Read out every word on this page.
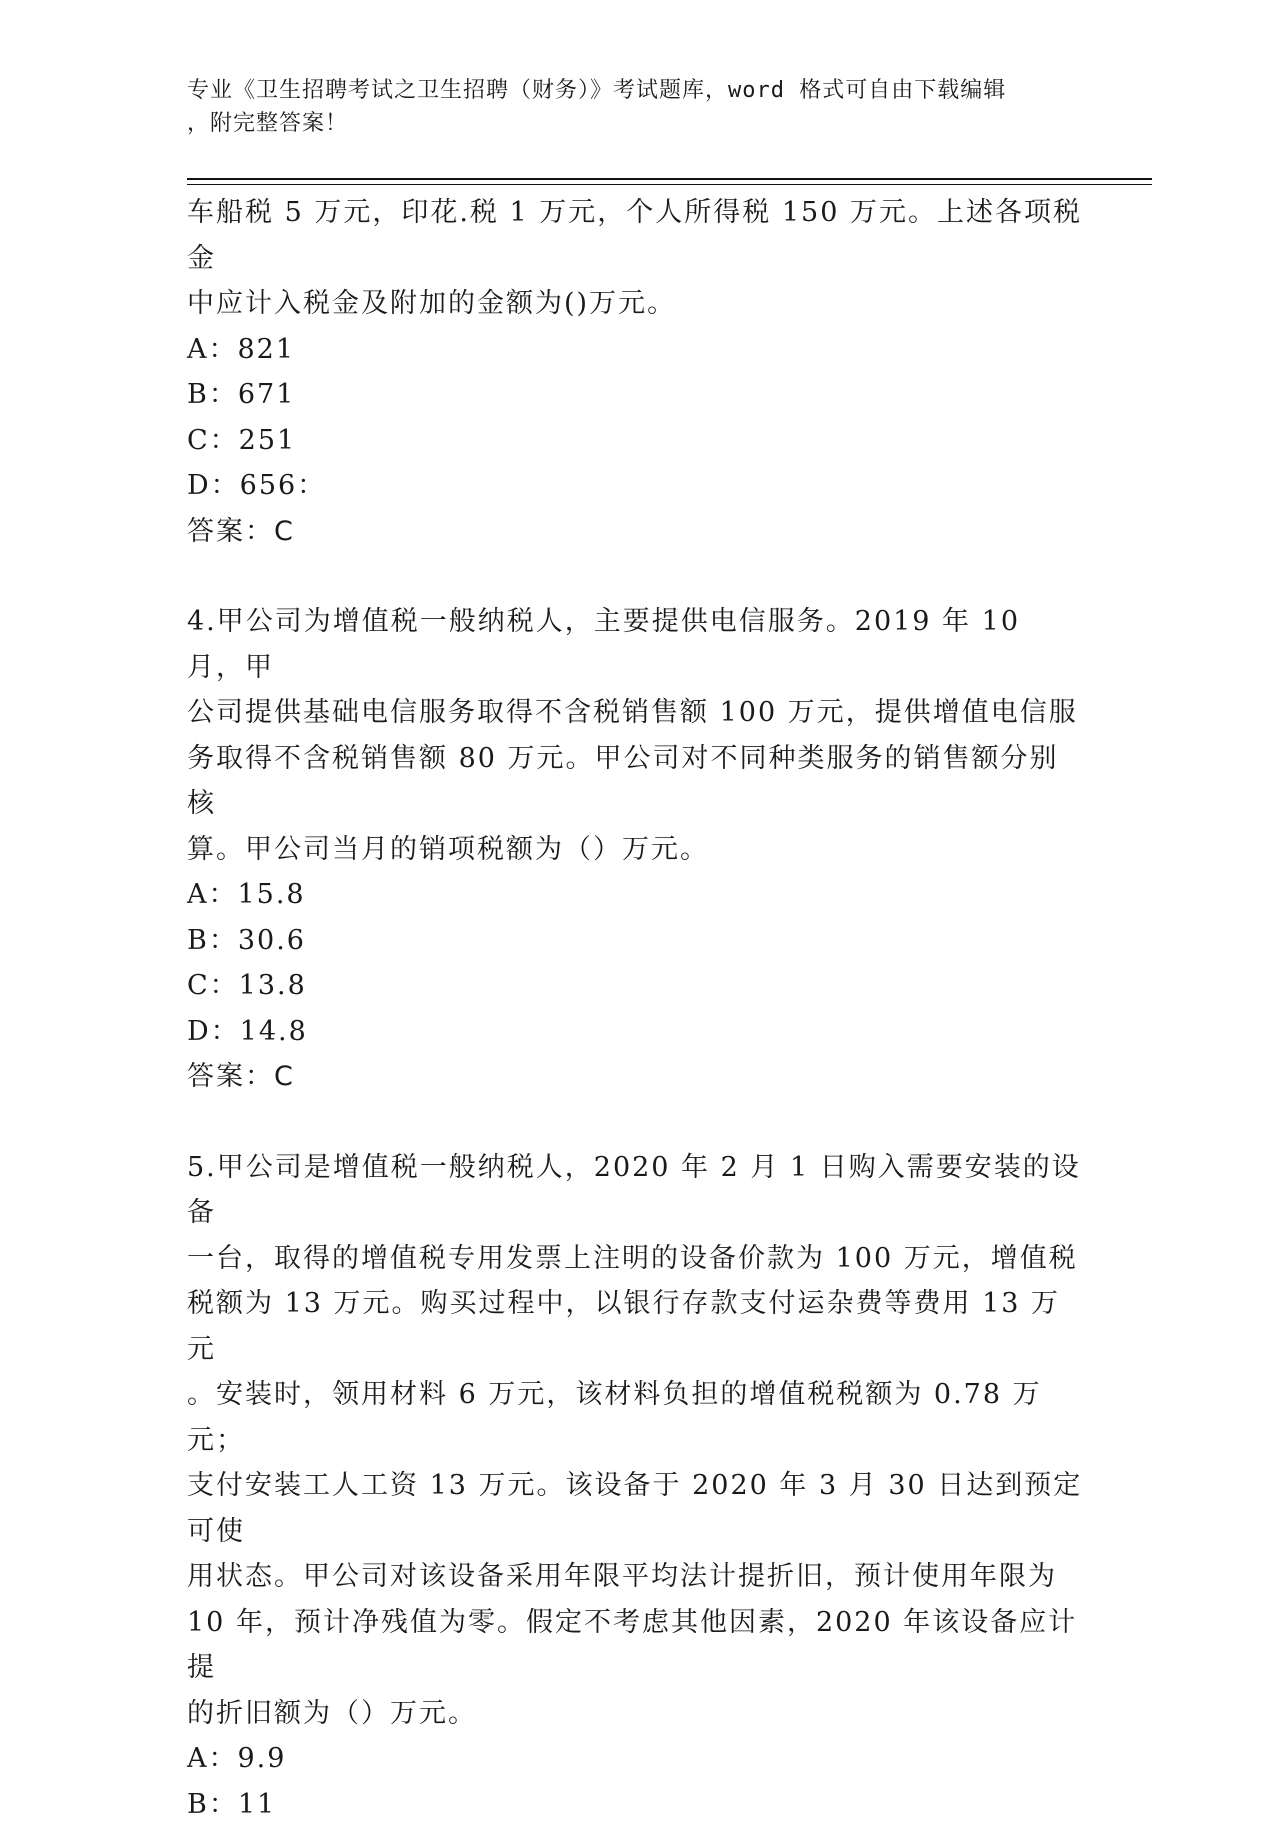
专业《卫生招聘考试之卫生招聘（财务）》考试题库，word 格式可自由下载编辑
，附完整答案！

车船税 5 万元，印花.税 1 万元，个人所得税 150 万元。上述各项税金

中应计入税金及附加的金额为()万元。

A：821

B：671

C：251

D：656：

答案：C

4.甲公司为增值税一般纳税人，主要提供电信服务。2019 年 10 月，甲

公司提供基础电信服务取得不含税销售额 100 万元，提供增值电信服

务取得不含税销售额 80 万元。甲公司对不同种类服务的销售额分别核

算。甲公司当月的销项税额为（）万元。

A：15.8

B：30.6

C：13.8

D：14.8

答案：C

5.甲公司是增值税一般纳税人，2020 年 2 月 1 日购入需要安装的设备

一台，取得的增值税专用发票上注明的设备价款为 100 万元，增值税

税额为 13 万元。购买过程中，以银行存款支付运杂费等费用 13 万元

。安装时，领用材料 6 万元，该材料负担的增值税税额为 0.78 万元；

支付安装工人工资 13 万元。该设备于 2020 年 3 月 30 日达到预定可使

用状态。甲公司对该设备采用年限平均法计提折旧，预计使用年限为

10 年，预计净残值为零。假定不考虑其他因素，2020 年该设备应计提

的折旧额为（）万元。

A：9.9

B：11
